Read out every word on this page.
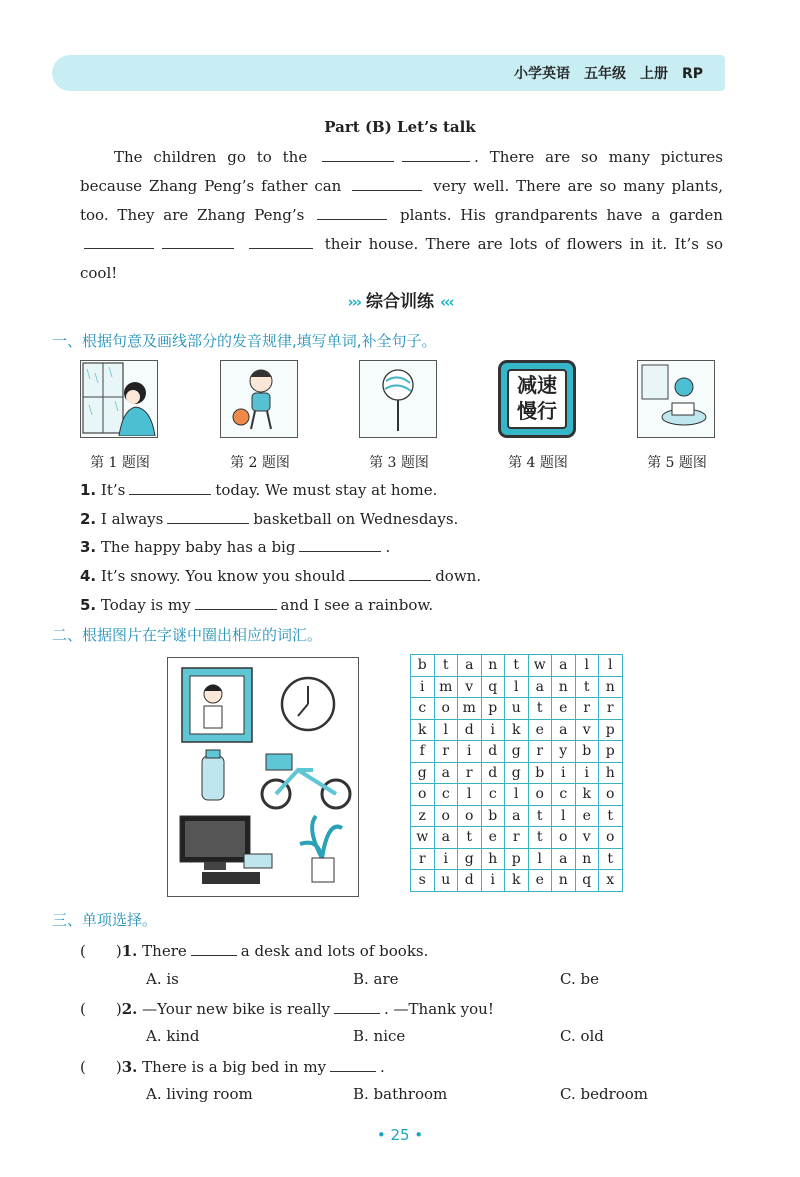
小学英语　五年级　上册　RP
Part (B) Let’s talk
The children go to the	. There are so many pictures because Zhang Peng’s father can	very well. There are so many plants, too. They are Zhang Peng’s	plants. His grandparents have a garden   their house. There are lots of flowers in it. It’s so cool!
››› 综合训练 ‹‹‹
一、根据句意及画线部分的发音规律,填写单词,补全句子。
减速
慢行
第 1 题图	第 2 题图	第 3 题图	第 4 题图	第 5 题图
1. It’s	today. We must stay at home.
2. I always	basketball on Wednesdays.
3. The happy baby has a big	.
4. It’s snowy. You know you should	down.
5. Today is my	and I see a rainbow.
二、根据图片在字谜中圈出相应的词汇。
b	t	a	n	t	w	a	l	l
i	m	v	q	l	a	n	t	n
c	o	m	p	u	t	e	r	r
k	l	d	i	k	e	a	v	p
f	r	i	d	g	r	y	b	p
g	a	r	d	g	b	i	i	h
o	c	l	c	l	o	c	k	o
z	o	o	b	a	t	l	e	t
w	a	t	e	r	t	o	v	o
r	i	g	h	p	l	a	n	t
s	u	d	i	k	e	n	q	x
三、单项选择。
(　　)1. There	a desk and lots of books.
A. is	B. are	C. be
(　　)2. —Your new bike is really	. —Thank you!
A. kind	B. nice	C. old
(　　)3. There is a big bed in my	.
A. living room	B. bathroom	C. bedroom
• 25 •
